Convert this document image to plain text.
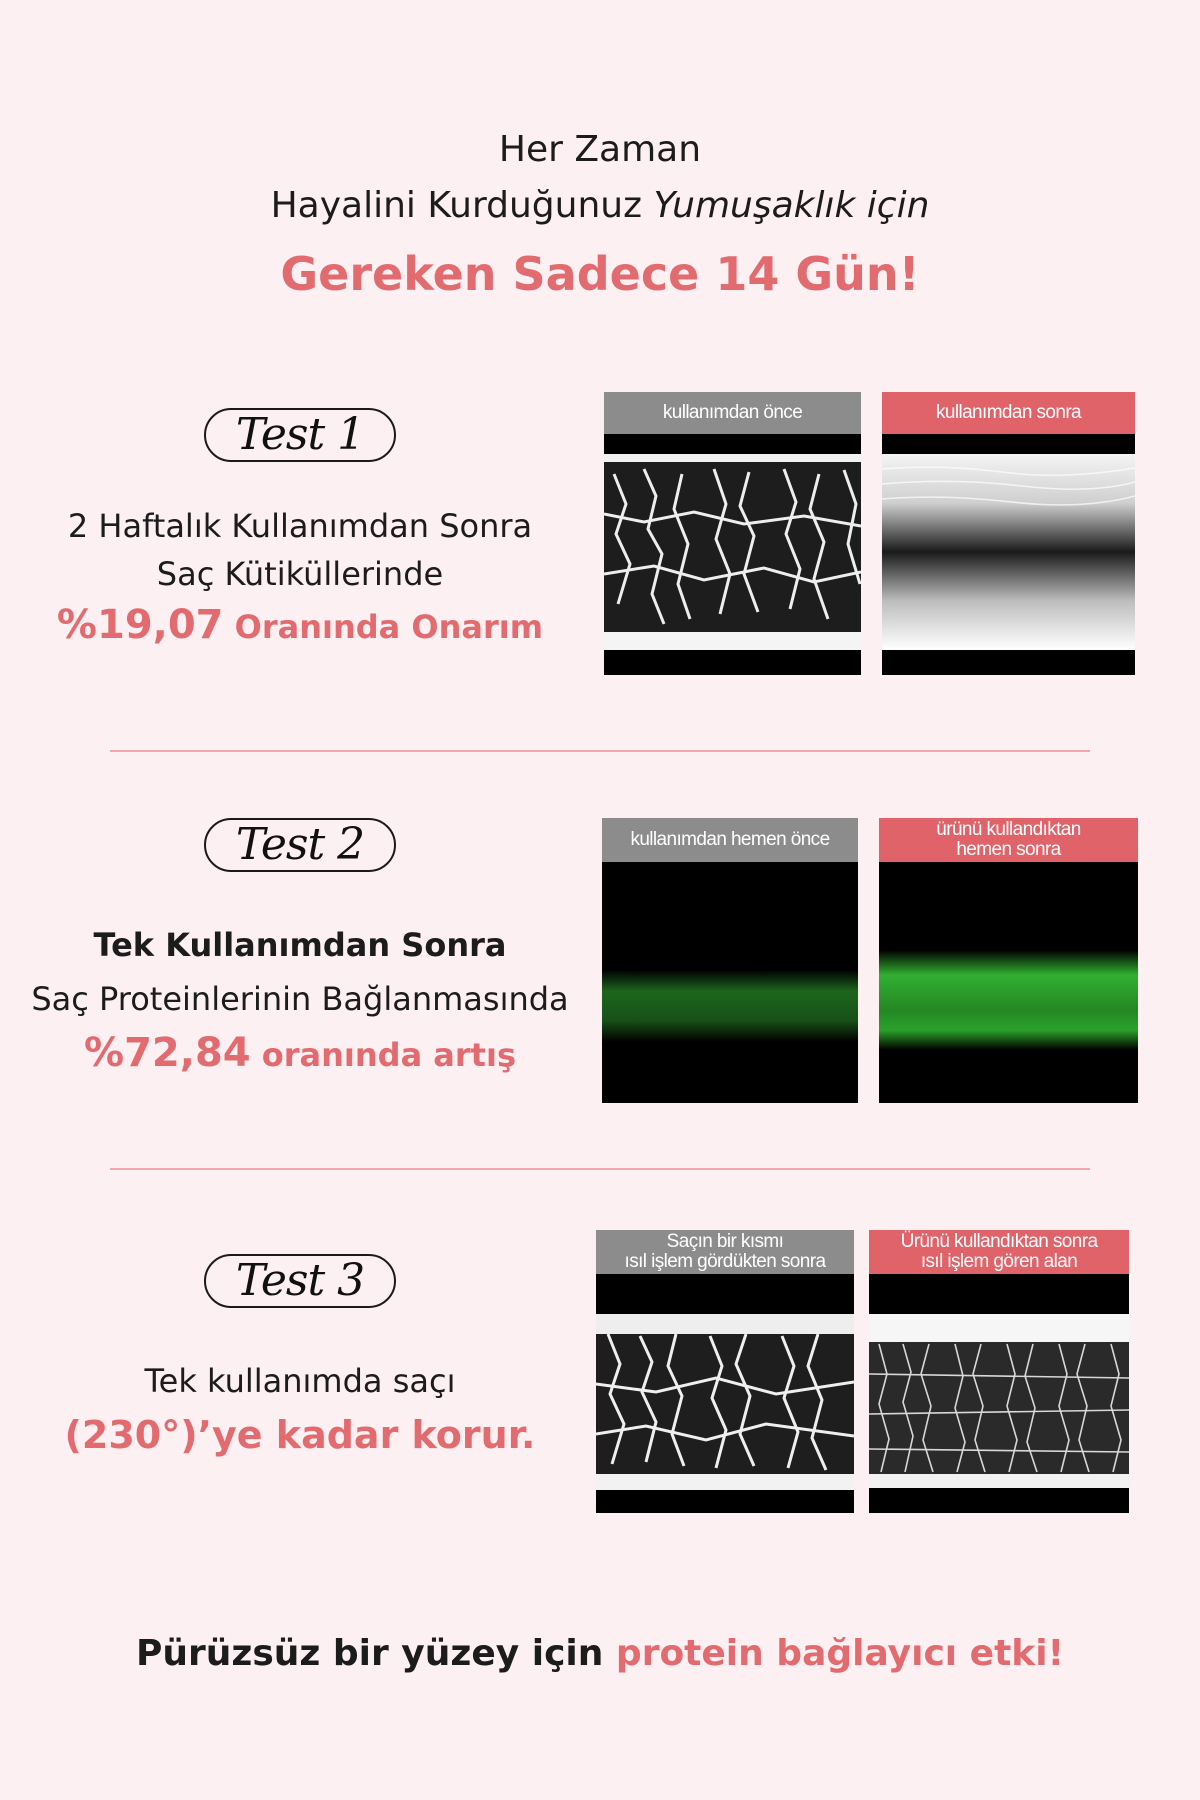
Her Zaman
Hayalini Kurduğunuz Yumuşaklık için
Gereken Sadece 14 Gün!
Test 1
2 Haftalık Kullanımdan Sonra
Saç Kütiküllerinde
%19,07 Oranında Onarım
kullanımdan önce	kullanımdan sonra
Test 2
Tek Kullanımdan Sonra
Saç Proteinlerinin Bağlanmasında
%72,84 oranında artış
kullanımdan hemen önce	ürünü kullandıktan
hemen sonra
Test 3
Tek kullanımda saçı
(230°)’ye kadar korur.
Saçın bir kısmı
ısıl işlem gördükten sonra
Ürünü kullandıktan sonra
ısıl işlem gören alan
Pürüzsüz bir yüzey için protein bağlayıcı etki!
